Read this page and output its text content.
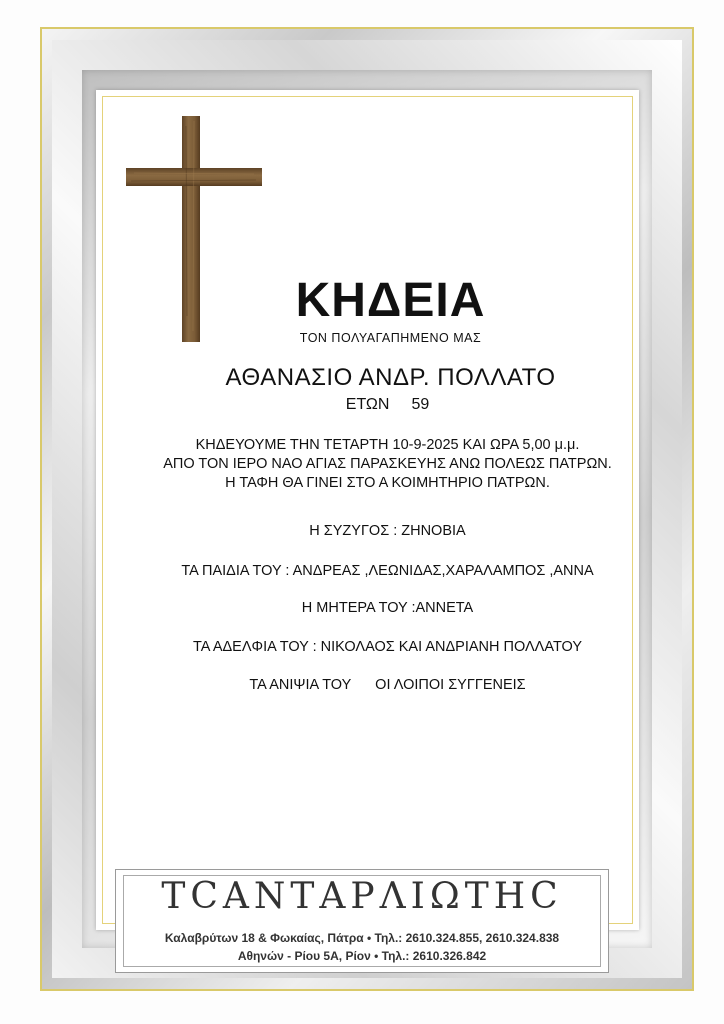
ΚΗΔΕΙΑ
ΤΟΝ ΠΟΛΥΑΓΑΠΗΜΕΝΟ ΜΑΣ
ΑΘΑΝΑΣΙΟ ΑΝΔΡ. ΠΟΛΛΑΤΟ
ΕΤΩΝ 59
ΚΗΔΕΥΟΥΜΕ ΤΗΝ ΤΕΤΑΡΤΗ 10-9-2025 ΚΑΙ ΩΡΑ 5,00 μ.μ.
ΑΠΟ ΤΟΝ ΙΕΡΟ ΝΑΟ ΑΓΙΑΣ ΠΑΡΑΣΚΕΥΗΣ ΑΝΩ ΠΟΛΕΩΣ ΠΑΤΡΩΝ.
Η ΤΑΦΗ ΘΑ ΓΙΝΕΙ ΣΤΟ Α ΚΟΙΜΗΤΗΡΙΟ ΠΑΤΡΩΝ.
Η ΣΥΖΥΓΟΣ : ΖΗΝΟΒΙΑ
ΤΑ ΠΑΙΔΙΑ ΤΟΥ : ΑΝΔΡΕΑΣ ,ΛΕΩΝΙΔΑΣ,ΧΑΡΑΛΑΜΠΟΣ ,ΑΝΝΑ
Η ΜΗΤΕΡΑ ΤΟΥ :ΑΝΝΕΤΑ
ΤΑ ΑΔΕΛΦΙΑ ΤΟΥ : ΝΙΚΟΛΑΟΣ ΚΑΙ ΑΝΔΡΙΑΝΗ ΠΟΛΛΑΤΟΥ
ΤΑ ΑΝΙΨΙΑ ΤΟΥ      ΟΙ ΛΟΙΠΟΙ ΣΥΓΓΕΝΕΙΣ
ΤCΑΝΤΑΡΛΙΩΤΗC
Καλαβρύτων 18 & Φωκαίας, Πάτρα • Τηλ.: 2610.324.855, 2610.324.838
Αθηνών - Ρίου 5Α, Ρίον • Τηλ.: 2610.326.842
